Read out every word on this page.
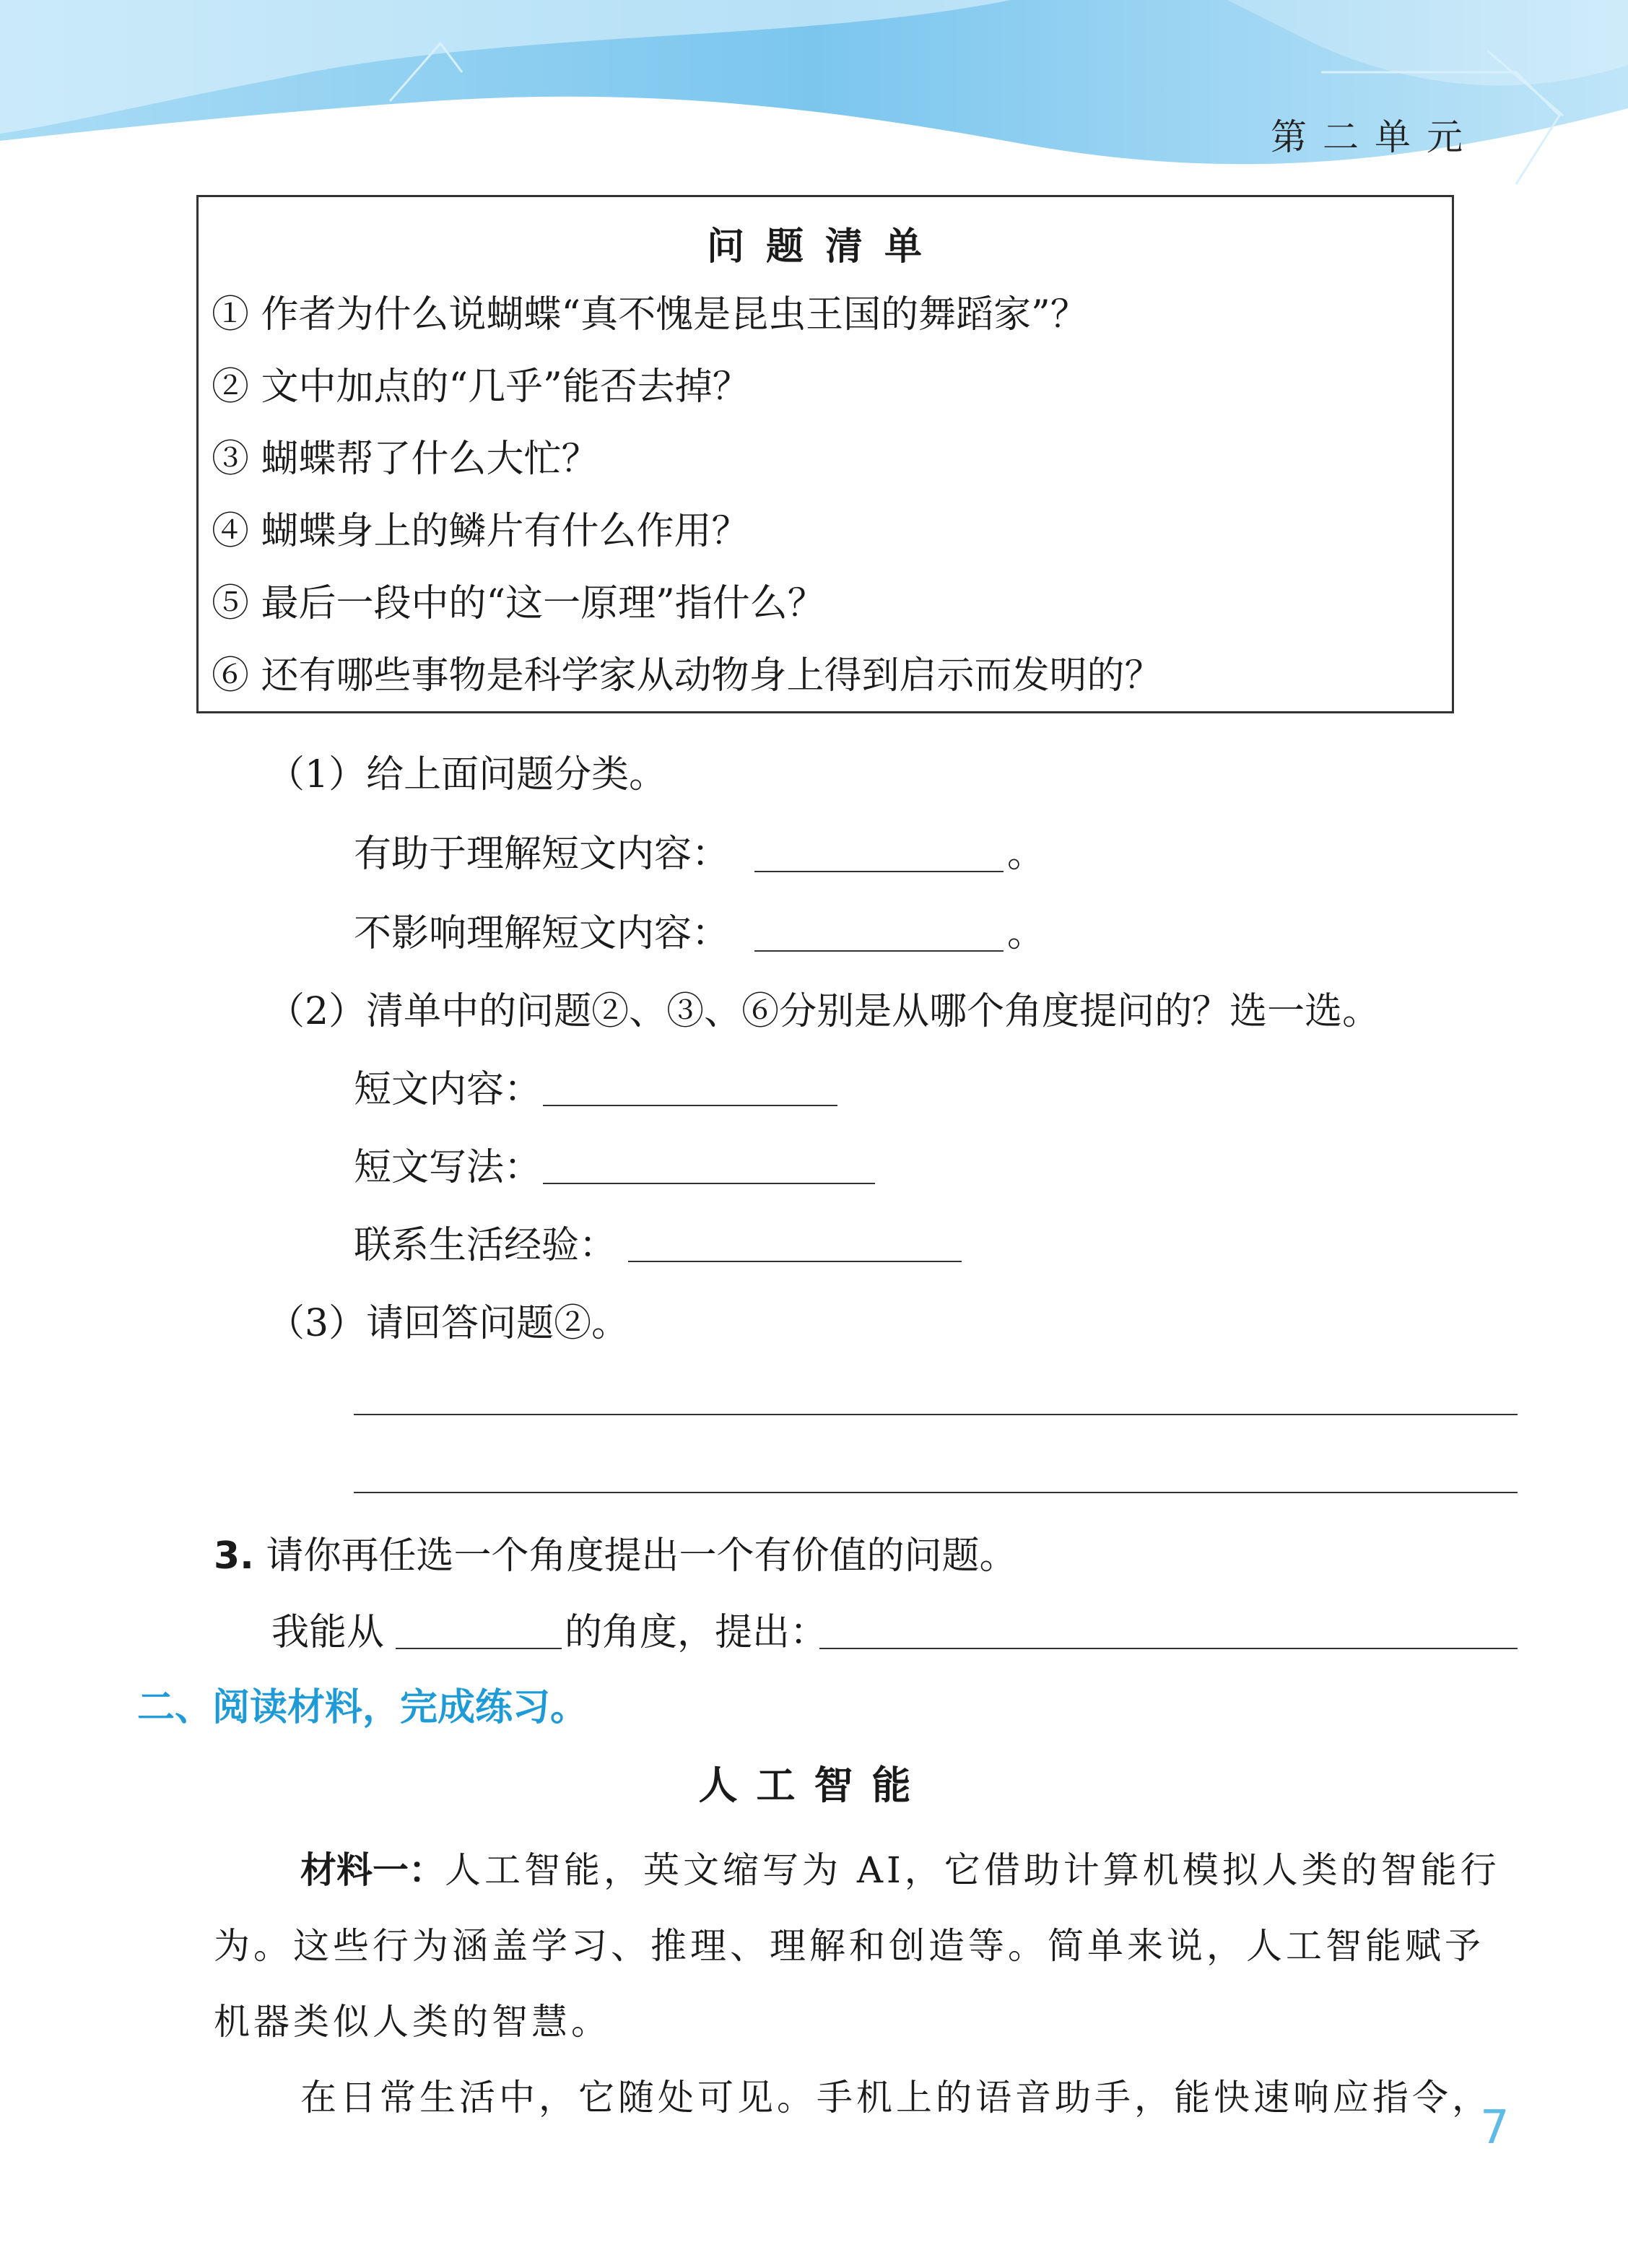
第二单元
问题清单
① 作者为什么说蝴蝶“真不愧是昆虫王国的舞蹈家”？
② 文中加点的“几乎”能否去掉？
③ 蝴蝶帮了什么大忙？
④ 蝴蝶身上的鳞片有什么作用？
⑤ 最后一段中的“这一原理”指什么？
⑥ 还有哪些事物是科学家从动物身上得到启示而发明的？
（1）给上面问题分类。
有助于理解短文内容：	。
不影响理解短文内容：	。
（2）清单中的问题②、③、⑥分别是从哪个角度提问的？选一选。
短文内容：
短文写法：
联系生活经验：
（3）请回答问题②。
3. 请你再任选一个角度提出一个有价值的问题。
我能从	的角度，提出：
二、阅读材料，完成练习。
人工智能
材料一：人工智能，英文缩写为 AI，它借助计算机模拟人类的智能行
为。这些行为涵盖学习、推理、理解和创造等。简单来说，人工智能赋予
机器类似人类的智慧。
在日常生活中，它随处可见。手机上的语音助手，能快速响应指令，
7
